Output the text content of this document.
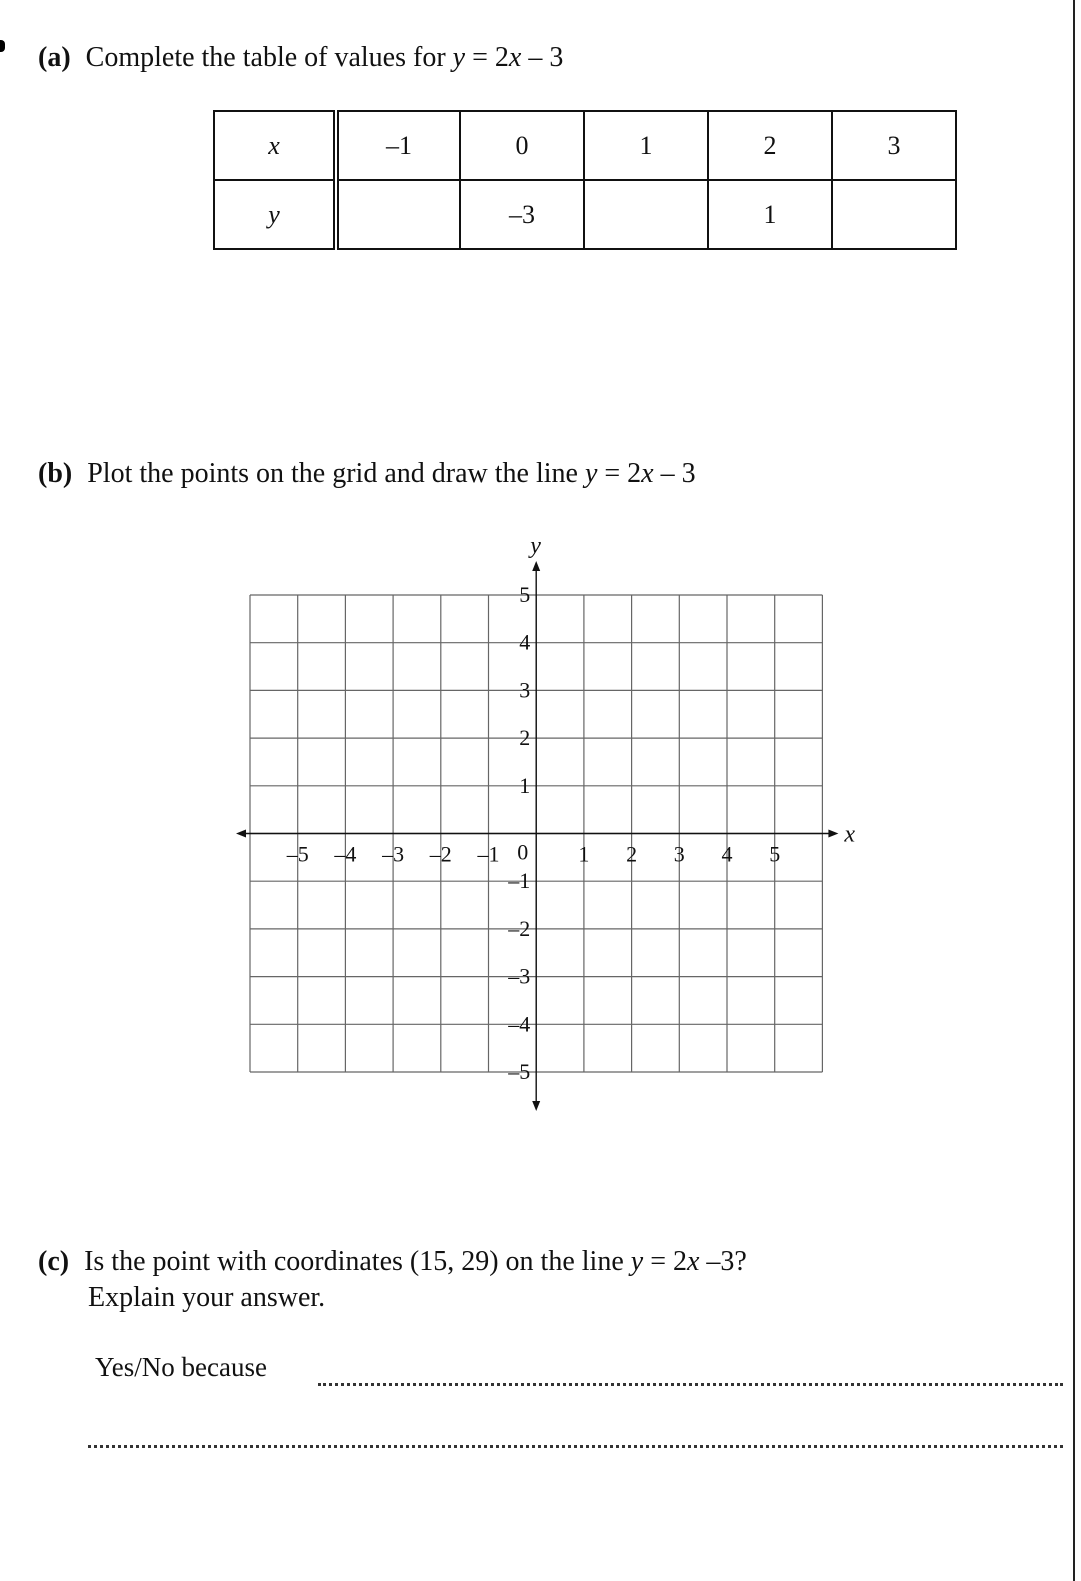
(a) Complete the table of values for y = 2x – 3
x	–1	0	1	2	3
y		–3		1	
(b) Plot the points on the grid and draw the line y = 2x – 3
x
y
–5 –4 –3 –2 –1	1 2 3 4 5
5
4
3
2
1
–1
–2
–3
–4
–5
0
(c) Is the point with coordinates (15, 29) on the line y = 2x –3?
Explain your answer.
Yes/No because
